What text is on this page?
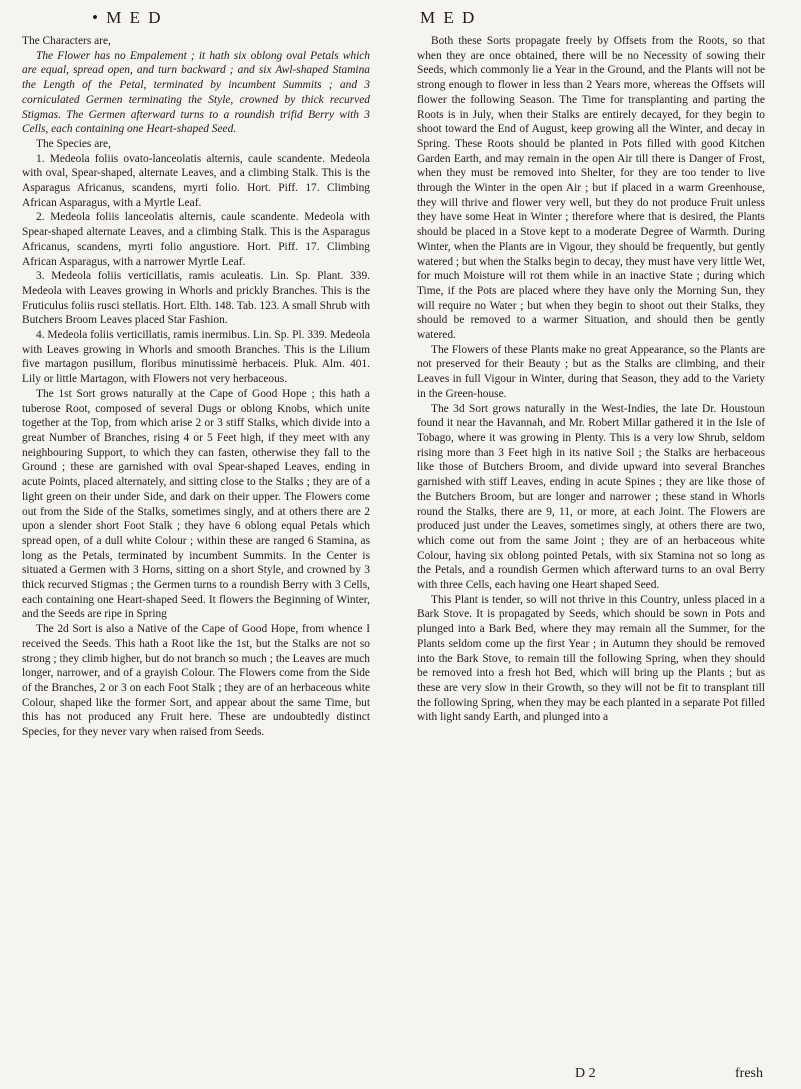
• M E D	M E D

The Characters are,

The Flower has no Empalement ; it hath six oblong oval Petals which are equal, spread open, and turn backward ; and six Awl-shaped Stamina the Length of the Petal, terminated by incumbent Summits ; and 3 corniculated Germen terminating the Style, crowned by thick recurved Stigmas. The Germen afterward turns to a roundish trifid Berry with 3 Cells, each containing one Heart-shaped Seed.

The Species are,

1. Medeola foliis ovato-lanceolatis alternis, caule scandente. Medeola with oval, Spear-shaped, alternate Leaves, and a climbing Stalk. This is the Asparagus Africanus, scandens, myrti folio. Hort. Piff. 17. Climbing African Asparagus, with a Myrtle Leaf.

2. Medeola foliis lanceolatis alternis, caule scandente. Medeola with Spear-shaped alternate Leaves, and a climbing Stalk. This is the Asparagus Africanus, scandens, myrti folio angustiore. Hort. Piff. 17. Climbing African Asparagus, with a narrower Myrtle Leaf.

3. Medeola foliis verticillatis, ramis aculeatis. Lin. Sp. Plant. 339. Medeola with Leaves growing in Whorls and prickly Branches. This is the Fruticulus foliis rusci stellatis. Hort. Elth. 148. Tab. 123. A small Shrub with Butchers Broom Leaves placed Star Fashion.

4. Medeola foliis verticillatis, ramis inermibus. Lin. Sp. Pl. 339. Medeola with Leaves growing in Whorls and smooth Branches. This is the Lilium five martagon pusillum, floribus minutissimè herbaceis. Pluk. Alm. 401. Lily or little Martagon, with Flowers not very herbaceous.

The 1st Sort grows naturally at the Cape of Good Hope ; this hath a tuberose Root, composed of several Dugs or oblong Knobs, which unite together at the Top, from which arise 2 or 3 stiff Stalks, which divide into a great Number of Branches, rising 4 or 5 Feet high, if they meet with any neighbouring Support, to which they can fasten, otherwise they fall to the Ground ; these are garnished with oval Spear-shaped Leaves, ending in acute Points, placed alternately, and sitting close to the Stalks ; they are of a light green on their under Side, and dark on their upper. The Flowers come out from the Side of the Stalks, sometimes singly, and at others there are 2 upon a slender short Foot Stalk ; they have 6 oblong equal Petals which spread open, of a dull white Colour ; within these are ranged 6 Stamina, as long as the Petals, terminated by incumbent Summits. In the Center is situated a Germen with 3 Horns, sitting on a short Style, and crowned by 3 thick recurved Stigmas ; the Germen turns to a roundish Berry with 3 Cells, each containing one Heart-shaped Seed. It flowers the Beginning of Winter, and the Seeds are ripe in Spring

The 2d Sort is also a Native of the Cape of Good Hope, from whence I received the Seeds. This hath a Root like the 1st, but the Stalks are not so strong ; they climb higher, but do not branch so much ; the Leaves are much longer, narrower, and of a grayish Colour. The Flowers come from the Side of the Branches, 2 or 3 on each Foot Stalk ; they are of an herbaceous white Colour, shaped like the former Sort, and appear about the same Time, but this has not produced any Fruit here. These are undoubtedly distinct Species, for they never vary when raised from Seeds.

Both these Sorts propagate freely by Offsets from the Roots, so that when they are once obtained, there will be no Necessity of sowing their Seeds, which commonly lie a Year in the Ground, and the Plants will not be strong enough to flower in less than 2 Years more, whereas the Offsets will flower the following Season. The Time for transplanting and parting the Roots is in July, when their Stalks are entirely decayed, for they begin to shoot toward the End of August, keep growing all the Winter, and decay in Spring. These Roots should be planted in Pots filled with good Kitchen Garden Earth, and may remain in the open Air till there is Danger of Frost, when they must be removed into Shelter, for they are too tender to live through the Winter in the open Air ; but if placed in a warm Greenhouse, they will thrive and flower very well, but they do not produce Fruit unless they have some Heat in Winter ; therefore where that is desired, the Plants should be placed in a Stove kept to a moderate Degree of Warmth. During Winter, when the Plants are in Vigour, they should be frequently, but gently watered ; but when the Stalks begin to decay, they must have very little Wet, for much Moisture will rot them while in an inactive State ; during which Time, if the Pots are placed where they have only the Morning Sun, they will require no Water ; but when they begin to shoot out their Stalks, they should be removed to a warmer Situation, and should then be gently watered.

The Flowers of these Plants make no great Appearance, so the Plants are not preserved for their Beauty ; but as the Stalks are climbing, and their Leaves in full Vigour in Winter, during that Season, they add to the Variety in the Green-house.

The 3d Sort grows naturally in the West-Indies, the late Dr. Houstoun found it near the Havannah, and Mr. Robert Millar gathered it in the Isle of Tobago, where it was growing in Plenty. This is a very low Shrub, seldom rising more than 3 Feet high in its native Soil ; the Stalks are herbaceous like those of Butchers Broom, and divide upward into several Branches garnished with stiff Leaves, ending in acute Spines ; they are like those of the Butchers Broom, but are longer and narrower ; these stand in Whorls round the Stalks, there are 9, 11, or more, at each Joint. The Flowers are produced just under the Leaves, sometimes singly, at others there are two, which come out from the same Joint ; they are of an herbaceous white Colour, having six oblong pointed Petals, with six Stamina not so long as the Petals, and a roundish Germen which afterward turns to an oval Berry with three Cells, each having one Heart shaped Seed.

This Plant is tender, so will not thrive in this Country, unless placed in a Bark Stove. It is propagated by Seeds, which should be sown in Pots and plunged into a Bark Bed, where they may remain all the Summer, for the Plants seldom come up the first Year ; in Autumn they should be removed into the Bark Stove, to remain till the following Spring, when they should be removed into a fresh hot Bed, which will bring up the Plants ; but as these are very slow in their Growth, so they will not be fit to transplant till the following Spring, when they may be each planted in a separate Pot filled with light sandy Earth, and plunged into a

D 2	fresh
